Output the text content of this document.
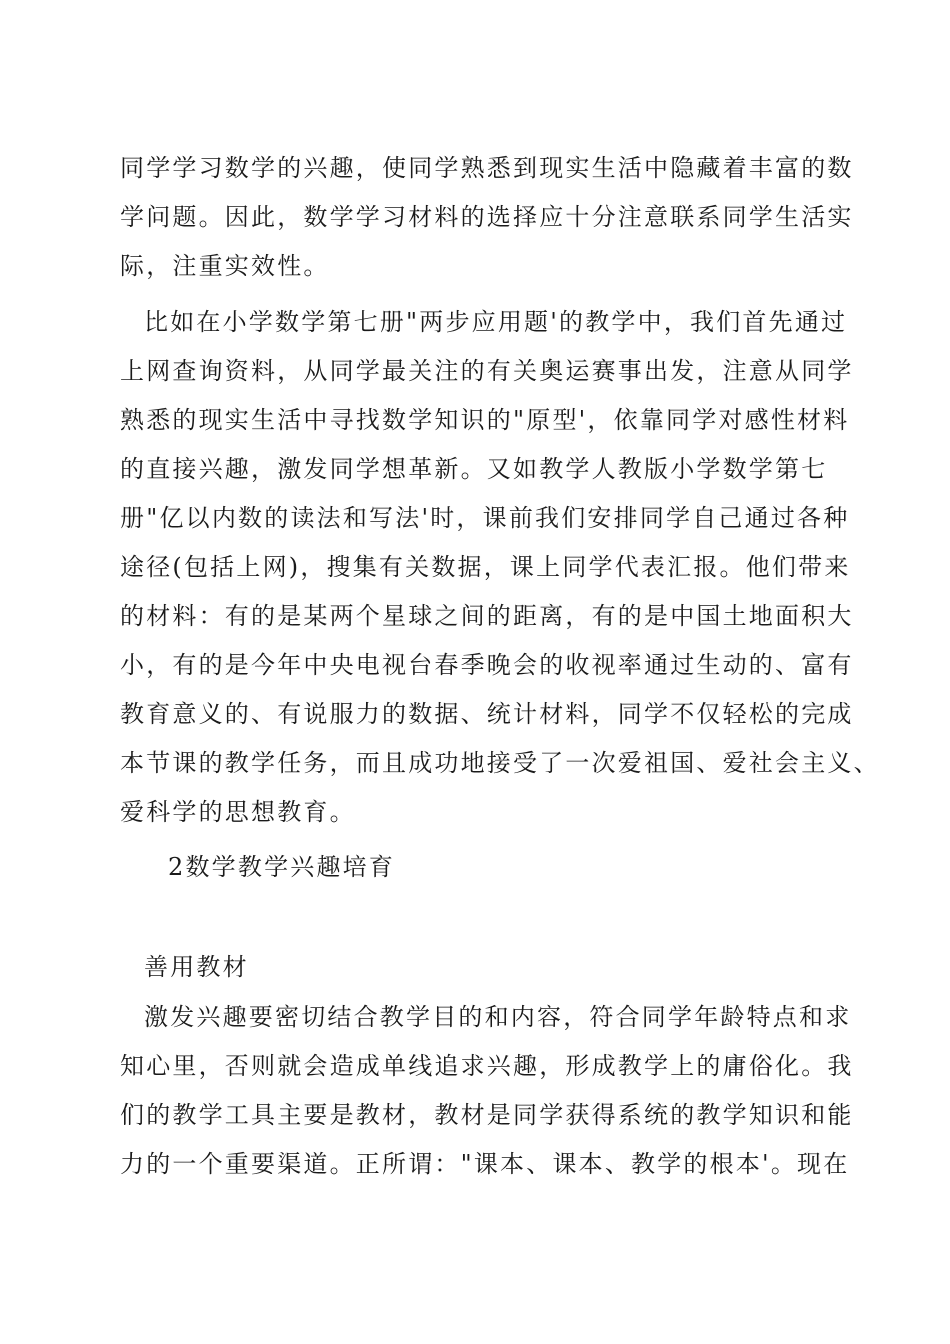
同学学习数学的兴趣，使同学熟悉到现实生活中隐藏着丰富的数
学问题。因此，数学学习材料的选择应十分注意联系同学生活实
际，注重实效性。
比如在小学数学第七册"两步应用题'的教学中，我们首先通过
上网查询资料，从同学最关注的有关奥运赛事出发，注意从同学
熟悉的现实生活中寻找数学知识的"原型'，依靠同学对感性材料
的直接兴趣，激发同学想革新。又如教学人教版小学数学第七
册"亿以内数的读法和写法'时，课前我们安排同学自己通过各种
途径(包括上网)，搜集有关数据，课上同学代表汇报。他们带来
的材料：有的是某两个星球之间的距离，有的是中国土地面积大
小，有的是今年中央电视台春季晚会的收视率通过生动的、富有
教育意义的、有说服力的数据、统计材料，同学不仅轻松的完成
本节课的教学任务，而且成功地接受了一次爱祖国、爱社会主义、
爱科学的思想教育。
2数学教学兴趣培育
善用教材
激发兴趣要密切结合教学目的和内容，符合同学年龄特点和求
知心里，否则就会造成单线追求兴趣，形成教学上的庸俗化。我
们的教学工具主要是教材，教材是同学获得系统的教学知识和能
力的一个重要渠道。正所谓："课本、课本、教学的根本'。现在
